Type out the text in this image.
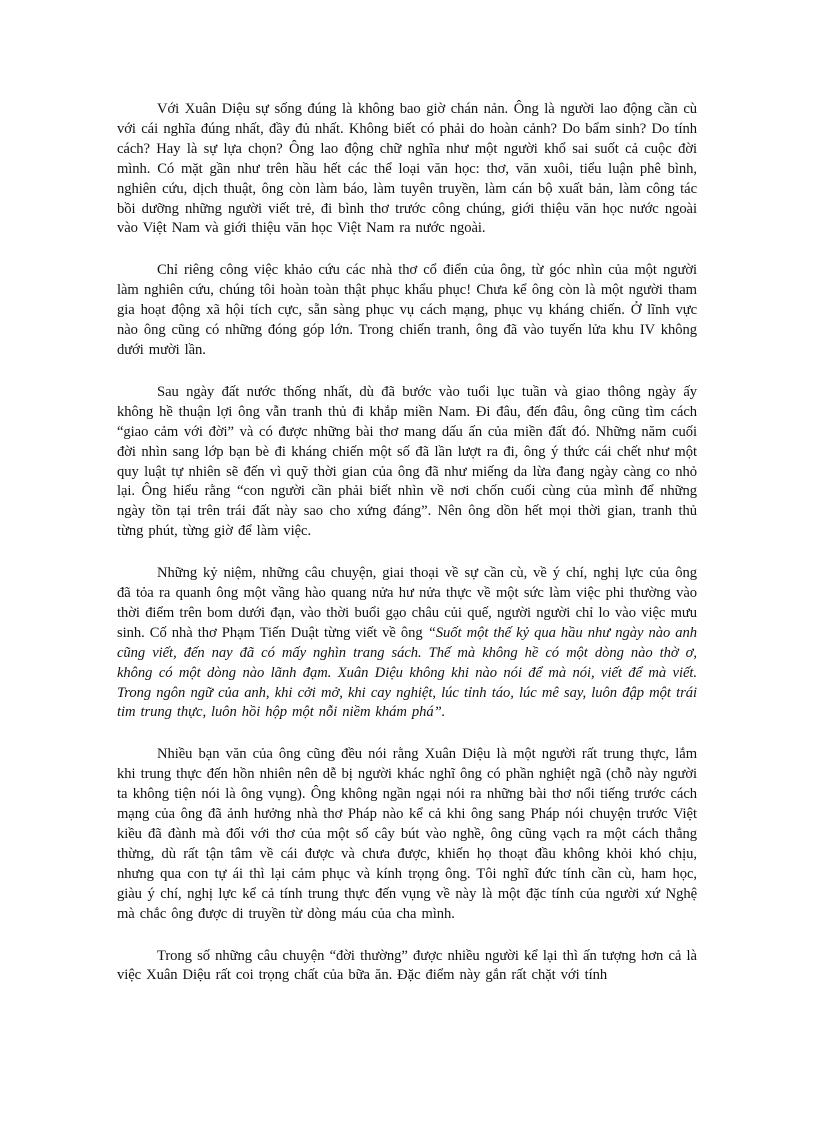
Với Xuân Diệu sự sống đúng là không bao giờ chán nản. Ông là người lao động cần cù với cái nghĩa đúng nhất, đầy đủ nhất. Không biết có phải do hoàn cảnh? Do bẩm sinh? Do tính cách? Hay là sự lựa chọn? Ông lao động chữ nghĩa như một người khổ sai suốt cả cuộc đời mình. Có mặt gần như trên hầu hết các thể loại văn học: thơ, văn xuôi, tiểu luận phê bình, nghiên cứu, dịch thuật, ông còn làm báo, làm tuyên truyền, làm cán bộ xuất bản, làm công tác bồi dưỡng những người viết trẻ, đi bình thơ trước công chúng, giới thiệu văn học nước ngoài vào Việt Nam và giới thiệu văn học Việt Nam ra nước ngoài.

Chỉ riêng công việc khảo cứu các nhà thơ cổ điển của ông, từ góc nhìn của một người làm nghiên cứu, chúng tôi hoàn toàn thật phục khẩu phục! Chưa kể ông còn là một người tham gia hoạt động xã hội tích cực, sẵn sàng phục vụ cách mạng, phục vụ kháng chiến. Ở lĩnh vực nào ông cũng có những đóng góp lớn. Trong chiến tranh, ông đã vào tuyến lửa khu IV không dưới mười lần.

Sau ngày đất nước thống nhất, dù đã bước vào tuổi lục tuần và giao thông ngày ấy không hề thuận lợi ông vẫn tranh thủ đi khắp miền Nam. Đi đâu, đến đâu, ông cũng tìm cách “giao cảm với đời” và có được những bài thơ mang dấu ấn của miền đất đó. Những năm cuối đời nhìn sang lớp bạn bè đi kháng chiến một số đã lần lượt ra đi, ông ý thức cái chết như một quy luật tự nhiên sẽ đến vì quỹ thời gian của ông đã như miếng da lừa đang ngày càng co nhỏ lại. Ông hiểu rằng “con người cần phải biết nhìn về nơi chốn cuối cùng của mình để những ngày tồn tại trên trái đất này sao cho xứng đáng”. Nên ông dồn hết mọi thời gian, tranh thủ từng phút, từng giờ để làm việc.

Những kỷ niệm, những câu chuyện, giai thoại về sự cần cù, về ý chí, nghị lực của ông đã tỏa ra quanh ông một vầng hào quang nửa hư nửa thực về một sức làm việc phi thường vào thời điểm trên bom dưới đạn, vào thời buổi gạo châu củi quế, người người chỉ lo vào việc mưu sinh. Cố nhà thơ Phạm Tiến Duật từng viết về ông “Suốt một thế kỷ qua hầu như ngày nào anh cũng viết, đến nay đã có mấy nghìn trang sách. Thế mà không hề có một dòng nào thờ ơ, không có một dòng nào lãnh đạm. Xuân Diệu không khi nào nói để mà nói, viết để mà viết. Trong ngôn ngữ của anh, khi cởi mở, khi cay nghiệt, lúc tỉnh táo, lúc mê say, luôn đập một trái tim trung thực, luôn hồi hộp một nỗi niềm khám phá”.

Nhiều bạn văn của ông cũng đều nói rằng Xuân Diệu là một người rất trung thực, lắm khi trung thực đến hồn nhiên nên dễ bị người khác nghĩ ông có phần nghiệt ngã (chỗ này người ta không tiện nói là ông vụng). Ông không ngần ngại nói ra những bài thơ nổi tiếng trước cách mạng của ông đã ảnh hưởng nhà thơ Pháp nào kể cả khi ông sang Pháp nói chuyện trước Việt kiều đã đành mà đối với thơ của một số cây bút vào nghề, ông cũng vạch ra một cách thẳng thừng, dù rất tận tâm về cái được và chưa được, khiến họ thoạt đầu không khỏi khó chịu, nhưng qua con tự ái thì lại cảm phục và kính trọng ông. Tôi nghĩ đức tính cần cù, ham học, giàu ý chí, nghị lực kể cả tính trung thực đến vụng về này là một đặc tính của người xứ Nghệ mà chắc ông được di truyền từ dòng máu của cha mình.

Trong số những câu chuyện “đời thường” được nhiều người kể lại thì ấn tượng hơn cả là việc Xuân Diệu rất coi trọng chất của bữa ăn. Đặc điểm này gắn rất chặt với tính
